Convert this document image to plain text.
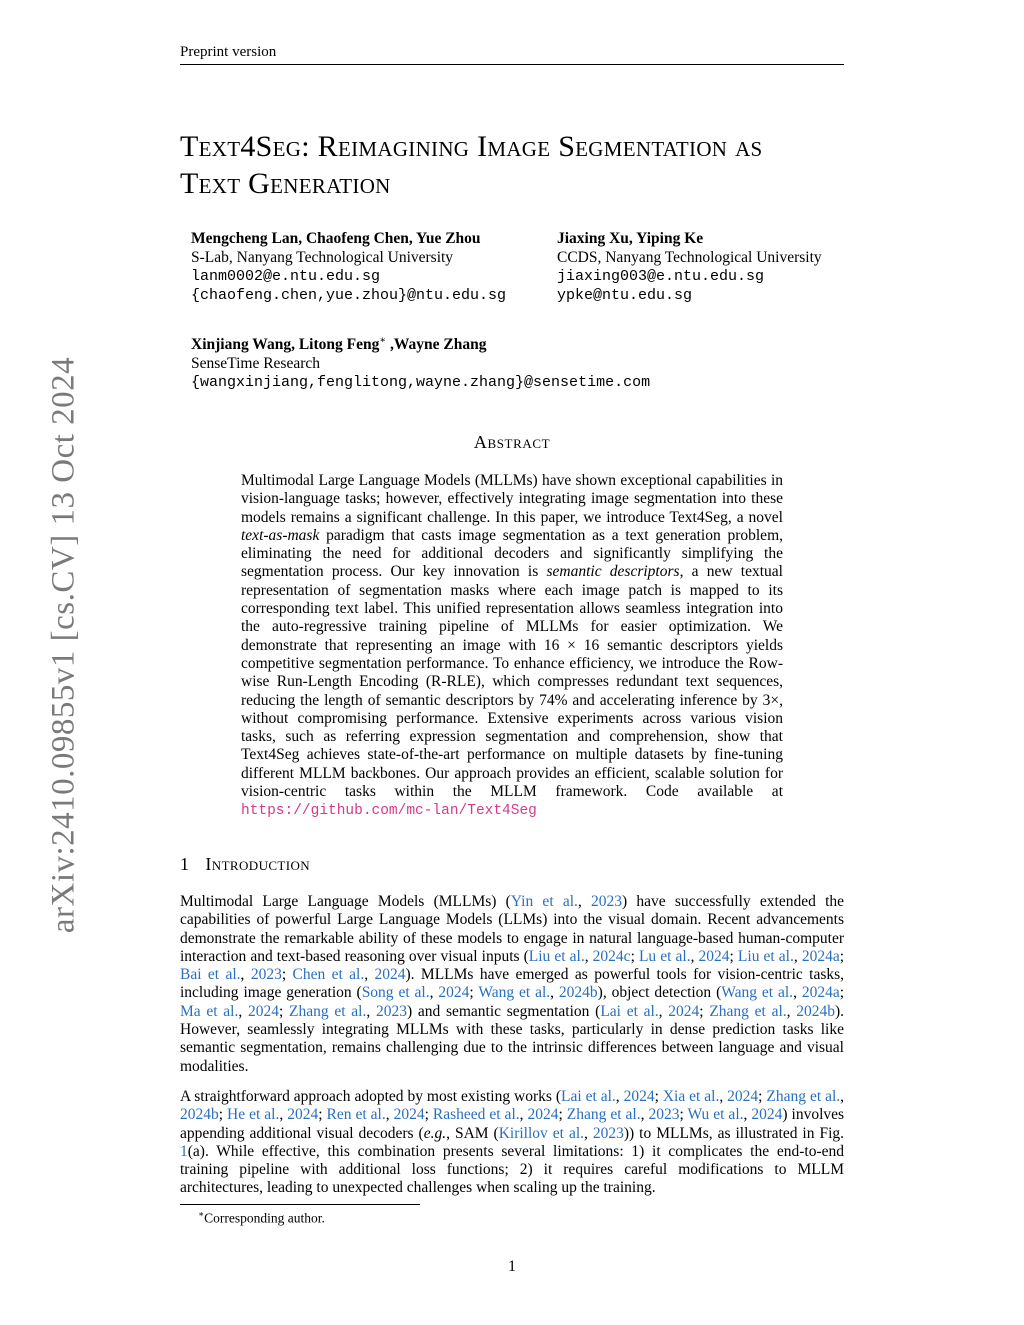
Preprint version
arXiv:2410.09855v1 [cs.CV] 13 Oct 2024
Text4Seg: Reimagining Image Segmentation as
Text Generation
Mengcheng Lan, Chaofeng Chen, Yue Zhou
S-Lab, Nanyang Technological University
lanm0002@e.ntu.edu.sg
{chaofeng.chen,yue.zhou}@ntu.edu.sg
Jiaxing Xu, Yiping Ke
CCDS, Nanyang Technological University
jiaxing003@e.ntu.edu.sg
ypke@ntu.edu.sg
Xinjiang Wang, Litong Feng∗ ,Wayne Zhang
SenseTime Research
{wangxinjiang,fenglitong,wayne.zhang}@sensetime.com
Abstract
Multimodal Large Language Models (MLLMs) have shown exceptional capabilities in vision-language tasks; however, effectively integrating image segmentation into these models remains a significant challenge. In this paper, we introduce Text4Seg, a novel text-as-mask paradigm that casts image segmentation as a text generation problem, eliminating the need for additional decoders and significantly simplifying the segmentation process. Our key innovation is semantic descriptors, a new textual representation of segmentation masks where each image patch is mapped to its corresponding text label. This unified representation allows seamless integration into the auto-regressive training pipeline of MLLMs for easier optimization. We demonstrate that representing an image with 16 × 16 semantic descriptors yields competitive segmentation performance. To enhance efficiency, we introduce the Row-wise Run-Length Encoding (R-RLE), which compresses redundant text sequences, reducing the length of semantic descriptors by 74% and accelerating inference by 3×, without compromising performance. Extensive experiments across various vision tasks, such as referring expression segmentation and comprehension, show that Text4Seg achieves state-of-the-art performance on multiple datasets by fine-tuning different MLLM backbones. Our approach provides an efficient, scalable solution for vision-centric tasks within the MLLM framework. Code available at https://github.com/mc-lan/Text4Seg
1 Introduction
Multimodal Large Language Models (MLLMs) (Yin et al., 2023) have successfully extended the capabilities of powerful Large Language Models (LLMs) into the visual domain. Recent advancements demonstrate the remarkable ability of these models to engage in natural language-based human-computer interaction and text-based reasoning over visual inputs (Liu et al., 2024c; Lu et al., 2024; Liu et al., 2024a; Bai et al., 2023; Chen et al., 2024). MLLMs have emerged as powerful tools for vision-centric tasks, including image generation (Song et al., 2024; Wang et al., 2024b), object detection (Wang et al., 2024a; Ma et al., 2024; Zhang et al., 2023) and semantic segmentation (Lai et al., 2024; Zhang et al., 2024b). However, seamlessly integrating MLLMs with these tasks, particularly in dense prediction tasks like semantic segmentation, remains challenging due to the intrinsic differences between language and visual modalities.
A straightforward approach adopted by most existing works (Lai et al., 2024; Xia et al., 2024; Zhang et al., 2024b; He et al., 2024; Ren et al., 2024; Rasheed et al., 2024; Zhang et al., 2023; Wu et al., 2024) involves appending additional visual decoders (e.g., SAM (Kirillov et al., 2023)) to MLLMs, as illustrated in Fig. 1(a). While effective, this combination presents several limitations: 1) it complicates the end-to-end training pipeline with additional loss functions; 2) it requires careful modifications to MLLM architectures, leading to unexpected challenges when scaling up the training.
∗Corresponding author.
1
